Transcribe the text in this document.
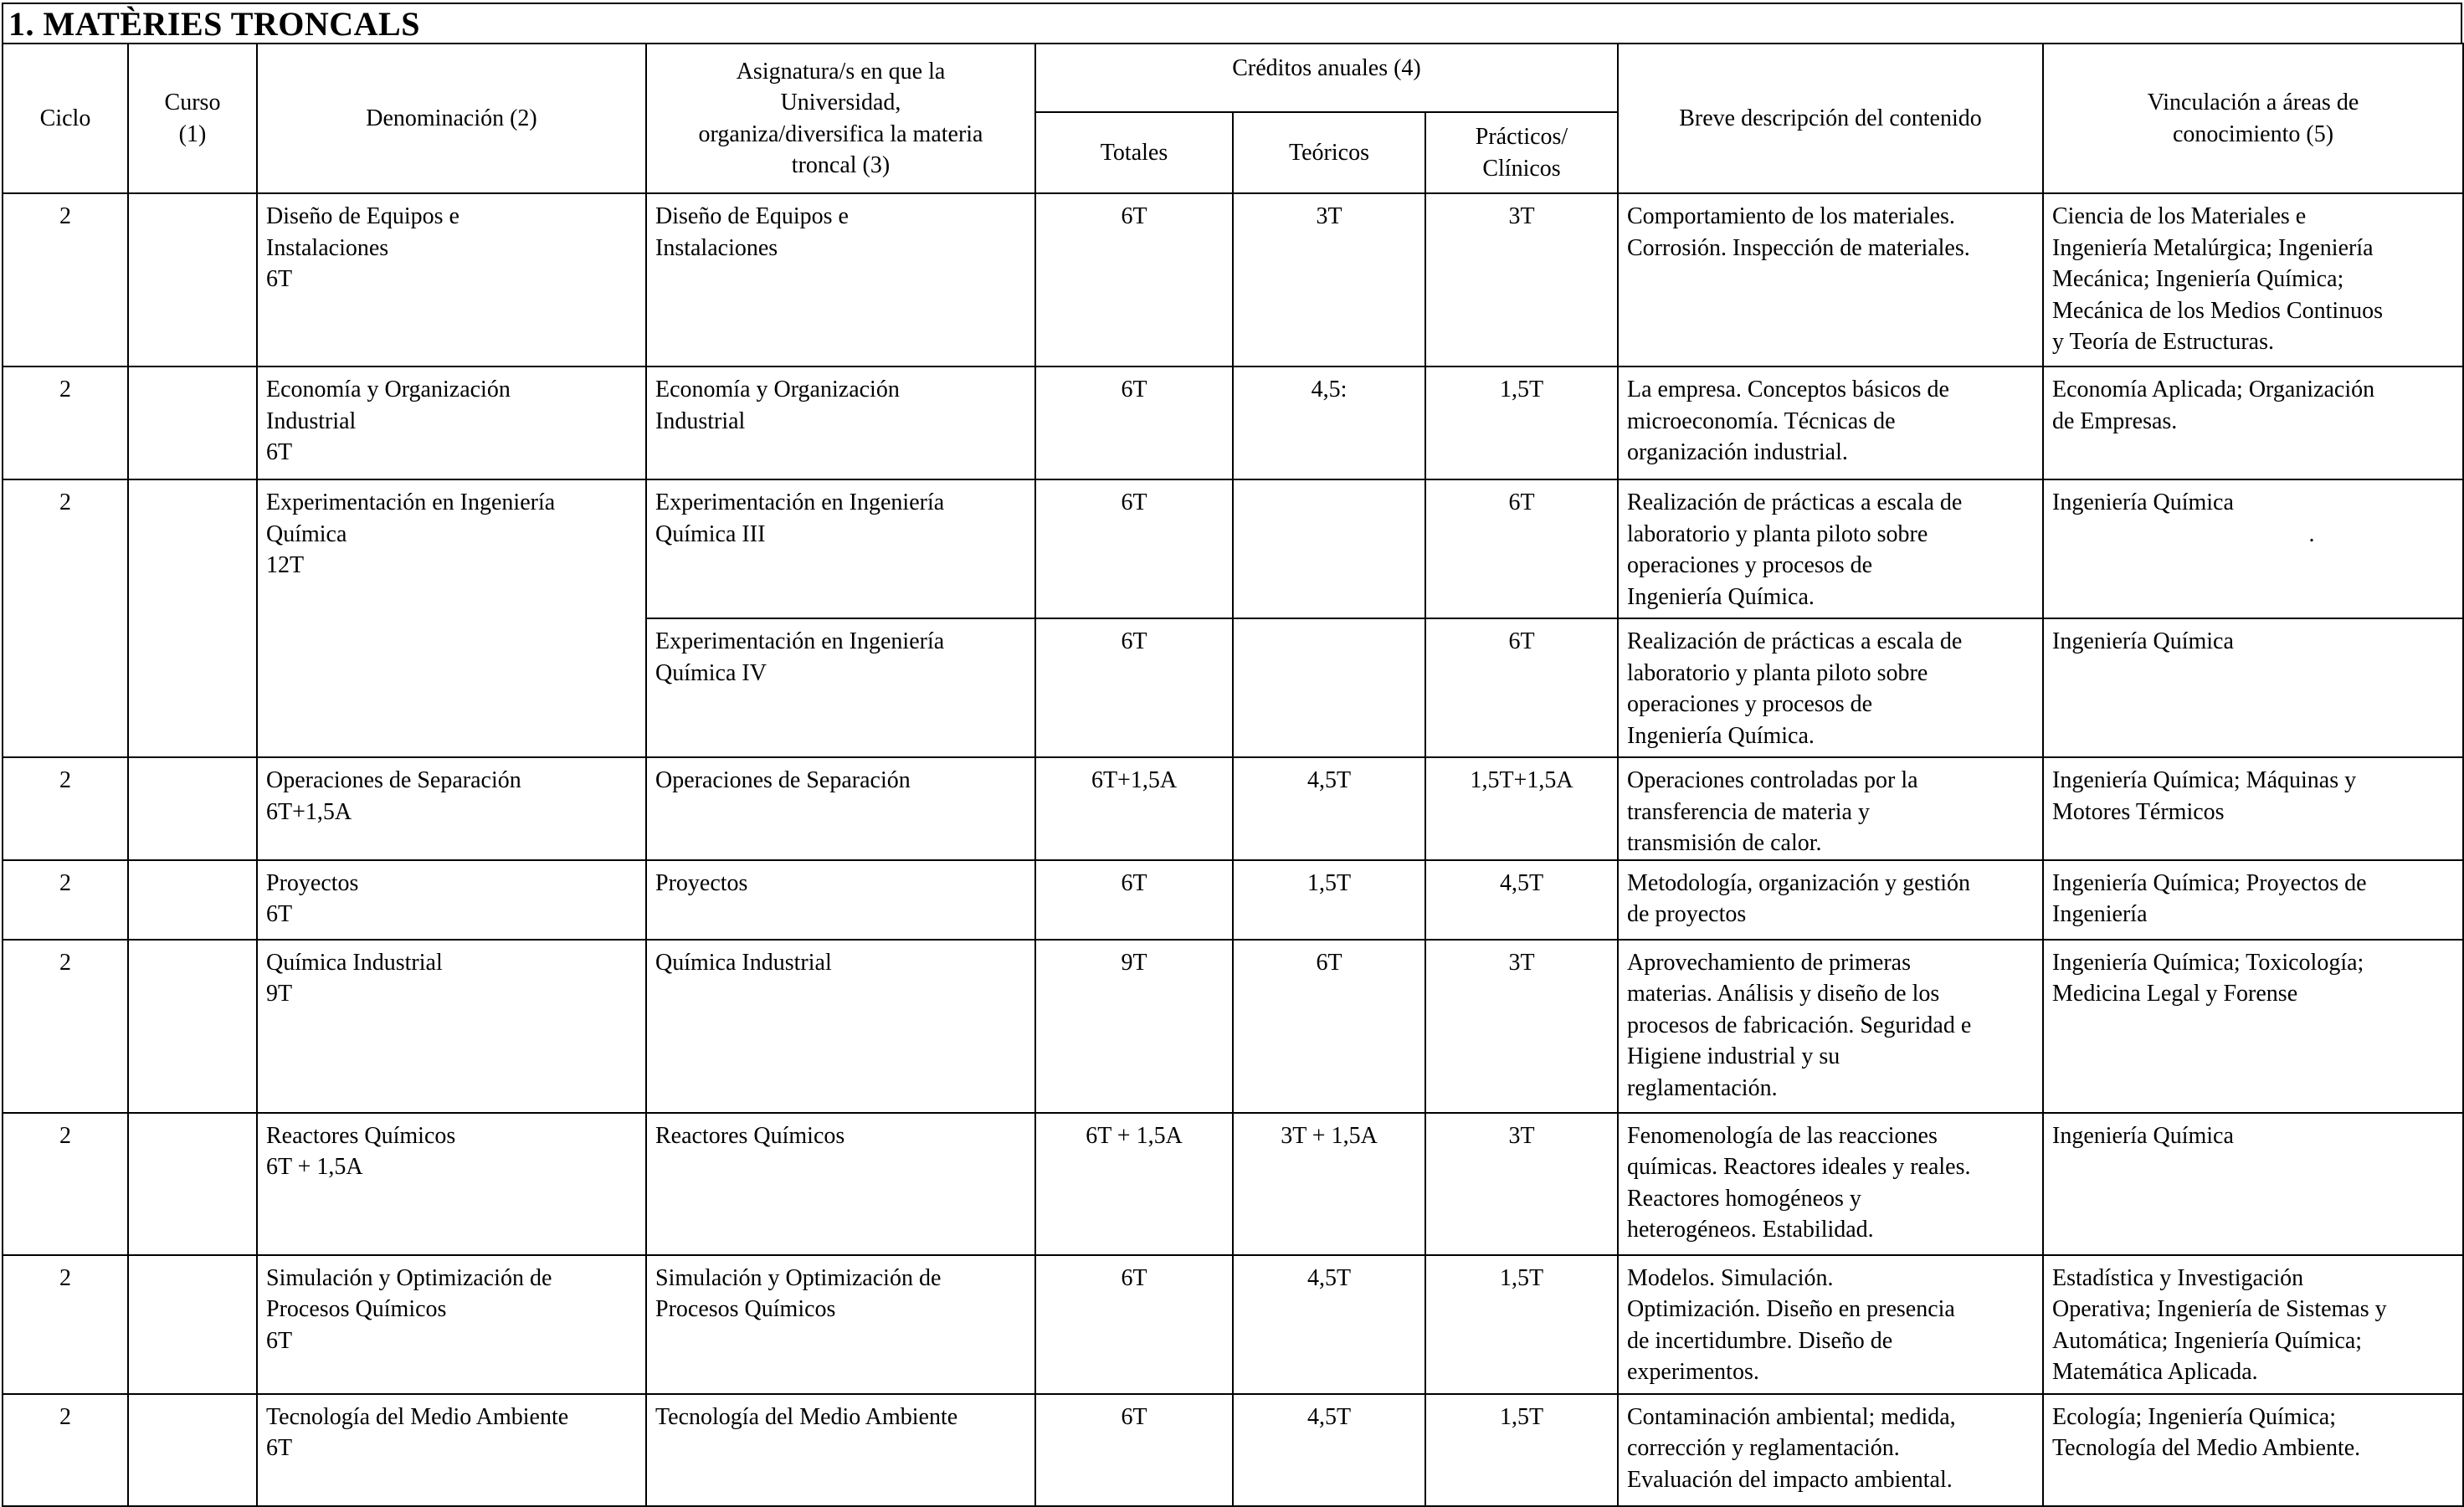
1. MATÈRIES TRONCALS
Ciclo	Curso
(1)	Denominación (2)	Asignatura/s en que la
Universidad,
organiza/diversifica la materia
troncal (3)	Créditos anuales (4)			Breve descripción del contenido	Vinculación a áreas de
conocimiento (5)

				Totales	Teóricos	Prácticos/
Clínicos		

2		Diseño de Equipos e
Instalaciones
6T	Diseño de Equipos e
Instalaciones	6T	3T	3T	Comportamiento de los materiales.
Corrosión. Inspección de materiales.	Ciencia de los Materiales e
Ingeniería Metalúrgica; Ingeniería
Mecánica; Ingeniería Química;
Mecánica de los Medios Continuos
y Teoría de Estructuras.

2		Economía y Organización
Industrial
6T	Economía y Organización
Industrial	6T	4,5:	1,5T	La empresa. Conceptos básicos de
microeconomía. Técnicas de
organización industrial.	Economía Aplicada; Organización
de Empresas.

2		Experimentación en Ingeniería
Química
12T	Experimentación en Ingeniería
Química III	6T		6T	Realización de prácticas a escala de
laboratorio y planta piloto sobre
operaciones y procesos de
Ingeniería Química.	Ingeniería Química
.

			Experimentación en Ingeniería
Química IV	6T		6T	Realización de prácticas a escala de
laboratorio y planta piloto sobre
operaciones y procesos de
Ingeniería Química.	Ingeniería Química

2		Operaciones de Separación
6T+1,5A	Operaciones de Separación	6T+1,5A	4,5T	1,5T+1,5A	Operaciones controladas por la
transferencia de materia y
transmisión de calor.	Ingeniería Química; Máquinas y
Motores Térmicos

2		Proyectos
6T	Proyectos	6T	1,5T	4,5T	Metodología, organización y gestión
de proyectos	Ingeniería Química; Proyectos de
Ingeniería

2		Química Industrial
9T	Química Industrial	9T	6T	3T	Aprovechamiento de primeras
materias. Análisis y diseño de los
procesos de fabricación. Seguridad e
Higiene industrial y su
reglamentación.	Ingeniería Química; Toxicología;
Medicina Legal y Forense

2		Reactores Químicos
6T + 1,5A	Reactores Químicos	6T + 1,5A	3T + 1,5A	3T	Fenomenología de las reacciones
químicas. Reactores ideales y reales.
Reactores homogéneos y
heterogéneos. Estabilidad.	Ingeniería Química

2		Simulación y Optimización de
Procesos Químicos
6T	Simulación y Optimización de
Procesos Químicos	6T	4,5T	1,5T	Modelos. Simulación.
Optimización. Diseño en presencia
de incertidumbre. Diseño de
experimentos.	Estadística y Investigación
Operativa; Ingeniería de Sistemas y
Automática; Ingeniería Química;
Matemática Aplicada.

2		Tecnología del Medio Ambiente
6T	Tecnología del Medio Ambiente	6T	4,5T	1,5T	Contaminación ambiental; medida,
corrección y reglamentación.
Evaluación del impacto ambiental.	Ecología; Ingeniería Química;
Tecnología del Medio Ambiente.
